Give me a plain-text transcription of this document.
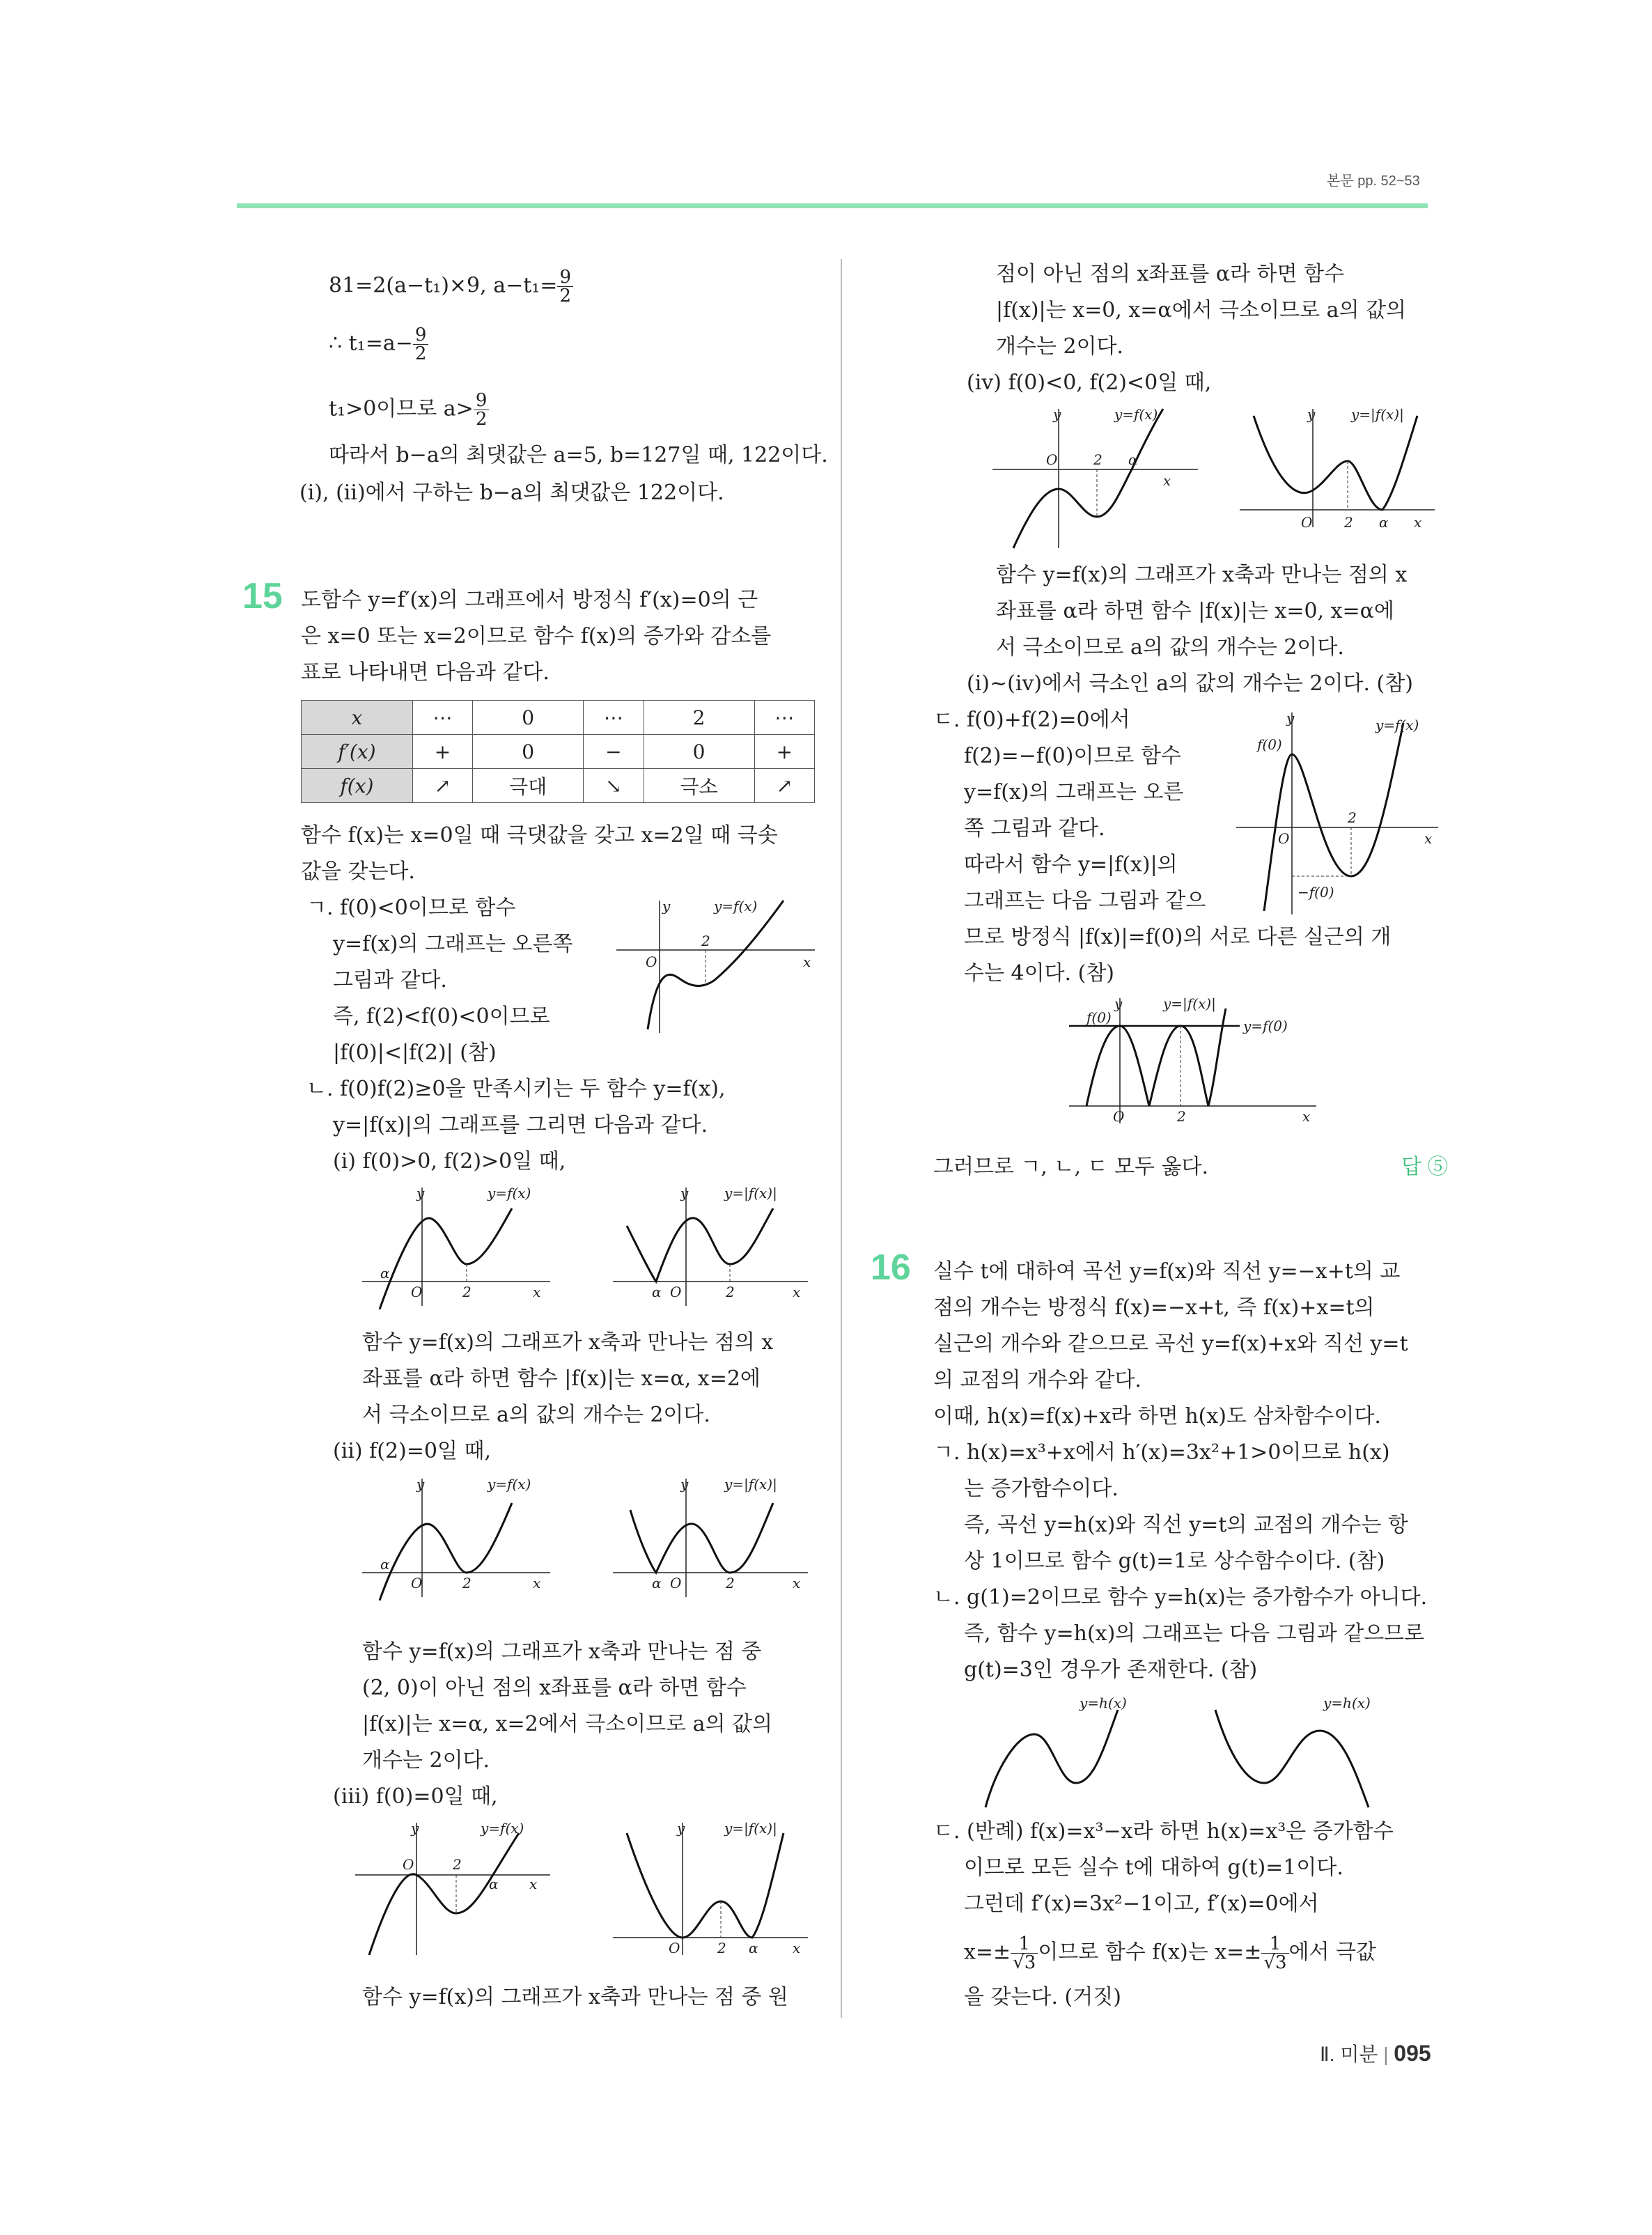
본문 pp. 52~53
81=2(a−t₁)×9, $a-t_1= \frac{9}{2}$
∴ $t_1=a- \frac{9}{2}$
t₁>0이므로 $a> \frac{9}{2}$
따라서 b−a의 최댓값은 a=5, b=127일 때, 122이다.
(ⅰ), (ⅱ)에서 구하는 b−a의 최댓값은 122이다.
15 도함수 y=f′(x)의 그래프에서 방정식 f′(x)=0의 근
은 x=0 또는 x=2이므로 함수 f(x)의 증가와 감소를
표로 나타내면 다음과 같다.
x	⋯	0	⋯	2	⋯
f′(x)	+	0	−	0	+
f(x)	↗	극대	↘	극소	↗
함수 f(x)는 x=0일 때 극댓값을 갖고 x=2일 때 극솟
값을 갖는다.
ㄱ. f(0)<0이므로 함수
y=f(x)의 그래프는 오른쪽
그림과 같다.
즉, f(2)<f(0)<0이므로
|f(0)|<|f(2)| (참)
y	y=f(x)
O
2
x
ㄴ. f(0)f(2)≥0을 만족시키는 두 함수 y=f(x),
y=|f(x)|의 그래프를 그리면 다음과 같다.
(ⅰ) f(0)>0, f(2)>0일 때,
y	y=f(x)
α
O	2	x
y	y=|f(x)|
α O	2	x
함수 y=f(x)의 그래프가 x축과 만나는 점의 x
좌표를 α라 하면 함수 |f(x)|는 x=α, x=2에
서 극소이므로 a의 값의 개수는 2이다.
(ⅱ) f(2)=0일 때,
y	y=f(x)
α
O	2	x
y	y=|f(x)|
α O	2	x
함수 y=f(x)의 그래프가 x축과 만나는 점 중
(2, 0)이 아닌 점의 x좌표를 α라 하면 함수
|f(x)|는 x=α, x=2에서 극소이므로 a의 값의
개수는 2이다.
(ⅲ) f(0)=0일 때,
y	y=f(x)
O	2
α x
y	y=|f(x)|
O	2 α x
함수 y=f(x)의 그래프가 x축과 만나는 점 중 원
점이 아닌 점의 x좌표를 α라 하면 함수
|f(x)|는 x=0, x=α에서 극소이므로 a의 값의
개수는 2이다.
(ⅳ) f(0)<0, f(2)<0일 때,
y	y=f(x)
O	2 α
x
y	y=|f(x)|
O 2 α x
함수 y=f(x)의 그래프가 x축과 만나는 점의 x
좌표를 α라 하면 함수 |f(x)|는 x=0, x=α에
서 극소이므로 a의 값의 개수는 2이다.
(ⅰ)~(ⅳ)에서 극소인 a의 값의 개수는 2이다. (참)
ㄷ. f(0)+f(2)=0에서
f(2)=−f(0)이므로 함수
y=f(x)의 그래프는 오른
쪽 그림과 같다.
따라서 함수 y=|f(x)|의
그래프는 다음 그림과 같으
므로 방정식 |f(x)|=f(0)의 서로 다른 실근의 개
수는 4이다. (참)
y	y=f(x)
f(0)
O
2
x
−f(0)
y	y=|f(x)|
y=f(0)
f(0)
O	2	x
그러므로 ㄱ, ㄴ, ㄷ 모두 옳다.	답 ⑤
16 실수 t에 대하여 곡선 y=f(x)와 직선 y=−x+t의 교
점의 개수는 방정식 f(x)=−x+t, 즉 f(x)+x=t의
실근의 개수와 같으므로 곡선 y=f(x)+x와 직선 y=t
의 교점의 개수와 같다.
이때, h(x)=f(x)+x라 하면 h(x)도 삼차함수이다.
ㄱ. h(x)=x³+x에서 h′(x)=3x²+1>0이므로 h(x)
는 증가함수이다.
즉, 곡선 y=h(x)와 직선 y=t의 교점의 개수는 항
상 1이므로 함수 g(t)=1로 상수함수이다. (참)
ㄴ. g(1)=2이므로 함수 y=h(x)는 증가함수가 아니다.
즉, 함수 y=h(x)의 그래프는 다음 그림과 같으므로
g(t)=3인 경우가 존재한다. (참)
y=h(x)	y=h(x)
ㄷ. (반례) f(x)=x³−x라 하면 h(x)=x³은 증가함수
이므로 모든 실수 t에 대하여 g(t)=1이다.
그런데 f′(x)=3x²−1이고, f′(x)=0에서
$x=\pm \frac{1}{√3}$ 이므로 함수 f(x)는 $x=\pm \frac{1}{√3}$ 에서 극값
을 갖는다. (거짓)
Ⅱ. 미분 | 095
